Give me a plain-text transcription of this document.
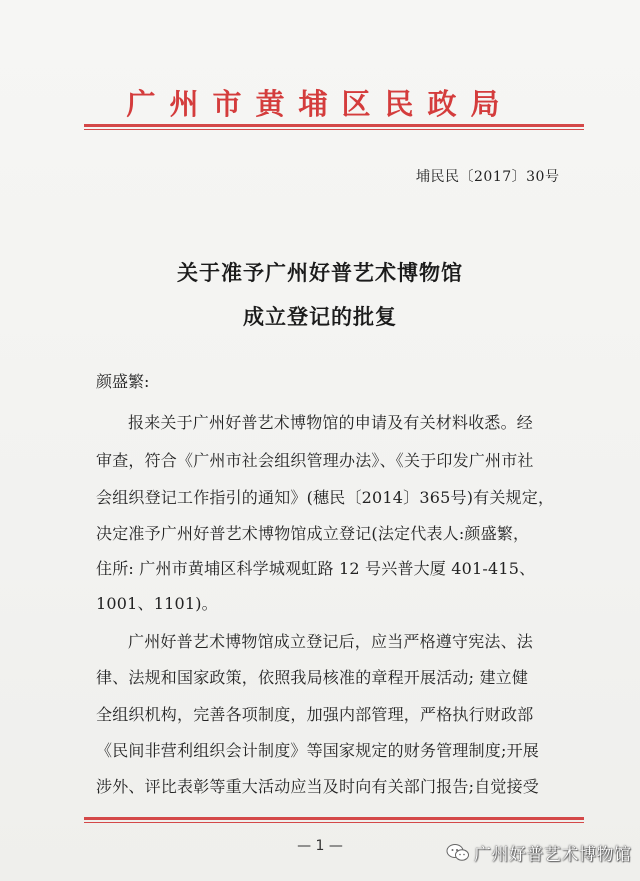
广州市黄埔区民政局
埔民民〔2017〕30号
关于准予广州好普艺术博物馆
成立登记的批复
颜盛繁:
报来关于广州好普艺术博物馆的申请及有关材料收悉。经
审查，符合《广州市社会组织管理办法》、《关于印发广州市社
会组织登记工作指引的通知》(穗民〔2014〕365号)有关规定，
决定准予广州好普艺术博物馆成立登记(法定代表人:颜盛繁，
住所: 广州市黄埔区科学城观虹路 12 号兴普大厦 401-415、
1001、1101)。
广州好普艺术博物馆成立登记后，应当严格遵守宪法、法
律、法规和国家政策，依照我局核准的章程开展活动; 建立健
全组织机构，完善各项制度，加强内部管理，严格执行财政部
《民间非营利组织会计制度》等国家规定的财务管理制度;开展
涉外、评比表彰等重大活动应当及时向有关部门报告;自觉接受
— 1 —	广州好普艺术博物馆
